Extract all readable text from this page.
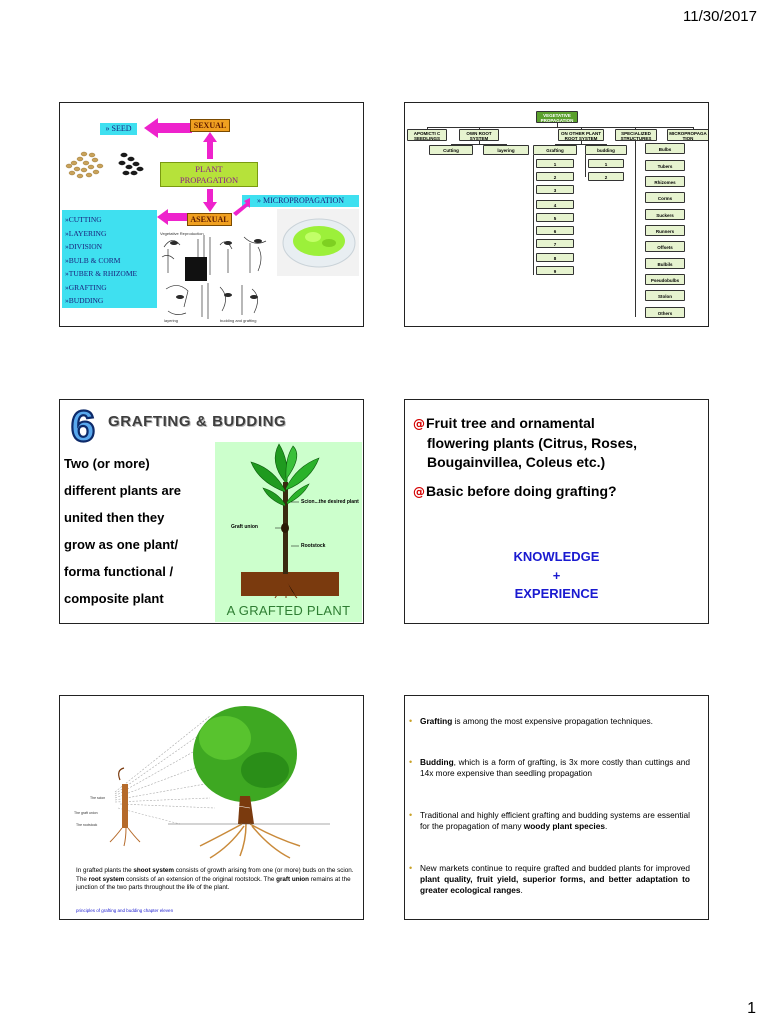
11/30/2017
» SEED	SEXUAL
PLANT
PROPAGATION
» MICROPROPAGATION
ASEXUAL
» CUTTING
» LAYERING
» DIVISION
» BULB & CORM
» TUBER & RHIZOME
» GRAFTING
» BUDDING
Vegetative Reproduction
layering	budding and grafting
VEGETATIVE PROPAGATION
APOMICTI C SEEDLINGS
OWN ROOT SYSTEM
ON OTHER PLANT ROOT SYSTEM
SPECIALIZED STRUCTURES
MICROPROPAGA TION
Cutting	layering	Grafting	budding
1
2
3
4
5
6
7
8
9
1
2
Bulbs
Tubers
Rhizomes
Corms
Suckers
Runners
Offsets
Bulbils
Pseudobulbs
Stolon
Others
6 GRAFTING & BUDDING
Two (or more)
different plants are
united then they
grow as one plant/
forma functional /
composite plant
Scion...the desired plant
Graft union
Rootstock
A GRAFTED PLANT
@Fruit tree and ornamental
flowering plants (Citrus, Roses,
Bougainvillea, Coleus etc.)
@Basic before doing grafting?
KNOWLEDGE
+
EXPERIENCE
The scion
The graft union
The rootstock
In grafted plants the shoot system consists of growth arising from one (or more) buds on the scion. The root system consists of an extension of the original rootstock. The graft union remains at the junction of the two parts throughout the life of the plant.
principles of grafting and budding chapter eleven
• Grafting is among the most expensive propagation techniques.
• Budding, which is a form of grafting, is 3x more costly than cuttings and 14x more expensive than seedling propagation
• Traditional and highly efficient grafting and budding systems are essential for the propagation of many woody plant species.
• New markets continue to require grafted and budded plants for improved plant quality, fruit yield, superior forms, and better adaptation to greater ecological ranges.
1
